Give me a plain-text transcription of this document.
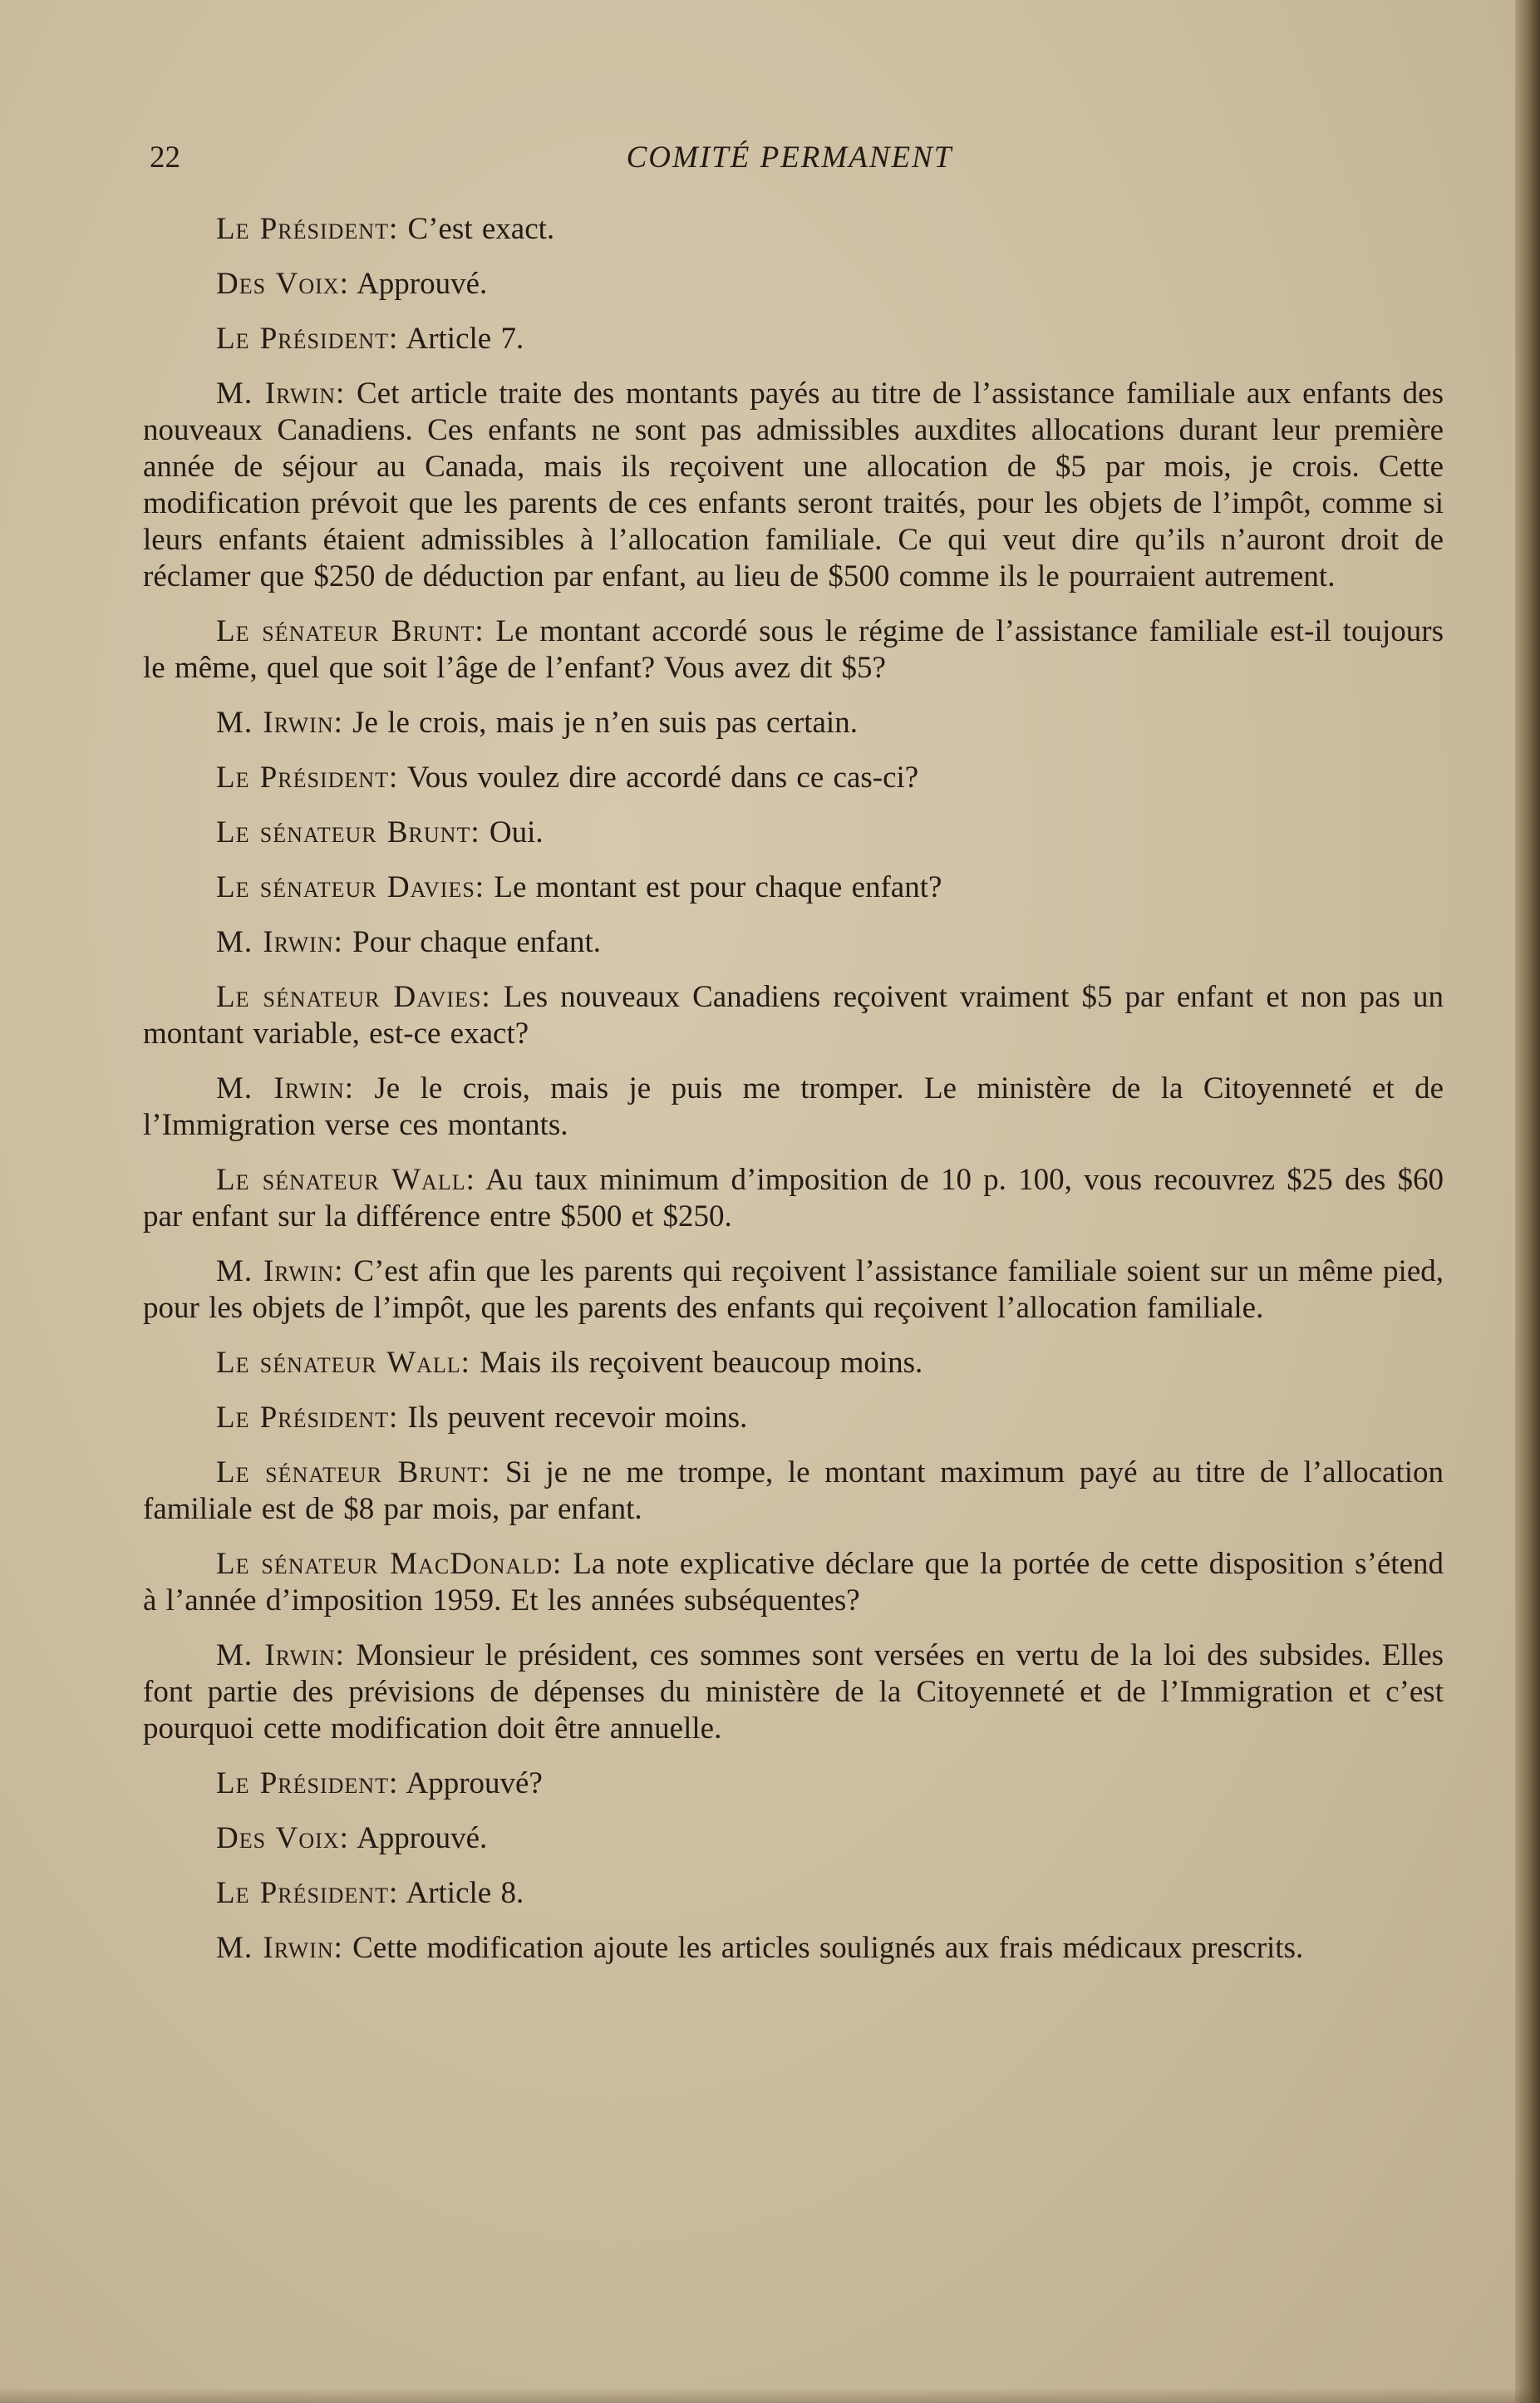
22	COMITÉ PERMANENT

Le Président: C’est exact.

Des Voix: Approuvé.

Le Président: Article 7.

M. Irwin: Cet article traite des montants payés au titre de l’assistance familiale aux enfants des nouveaux Canadiens. Ces enfants ne sont pas admissibles auxdites allocations durant leur première année de séjour au Canada, mais ils reçoivent une allocation de $5 par mois, je crois. Cette modification prévoit que les parents de ces enfants seront traités, pour les objets de l’impôt, comme si leurs enfants étaient admissibles à l’allocation familiale. Ce qui veut dire qu’ils n’auront droit de réclamer que $250 de déduction par enfant, au lieu de $500 comme ils le pourraient autrement.

Le sénateur Brunt: Le montant accordé sous le régime de l’assistance familiale est-il toujours le même, quel que soit l’âge de l’enfant? Vous avez dit $5?

M. Irwin: Je le crois, mais je n’en suis pas certain.

Le Président: Vous voulez dire accordé dans ce cas-ci?

Le sénateur Brunt: Oui.

Le sénateur Davies: Le montant est pour chaque enfant?

M. Irwin: Pour chaque enfant.

Le sénateur Davies: Les nouveaux Canadiens reçoivent vraiment $5 par enfant et non pas un montant variable, est-ce exact?

M. Irwin: Je le crois, mais je puis me tromper. Le ministère de la Citoyenneté et de l’Immigration verse ces montants.

Le sénateur Wall: Au taux minimum d’imposition de 10 p. 100, vous recouvrez $25 des $60 par enfant sur la différence entre $500 et $250.

M. Irwin: C’est afin que les parents qui reçoivent l’assistance familiale soient sur un même pied, pour les objets de l’impôt, que les parents des enfants qui reçoivent l’allocation familiale.

Le sénateur Wall: Mais ils reçoivent beaucoup moins.

Le Président: Ils peuvent recevoir moins.

Le sénateur Brunt: Si je ne me trompe, le montant maximum payé au titre de l’allocation familiale est de $8 par mois, par enfant.

Le sénateur MacDonald: La note explicative déclare que la portée de cette disposition s’étend à l’année d’imposition 1959. Et les années subséquentes?

M. Irwin: Monsieur le président, ces sommes sont versées en vertu de la loi des subsides. Elles font partie des prévisions de dépenses du ministère de la Citoyenneté et de l’Immigration et c’est pourquoi cette modification doit être annuelle.

Le Président: Approuvé?

Des Voix: Approuvé.

Le Président: Article 8.

M. Irwin: Cette modification ajoute les articles soulignés aux frais médicaux prescrits.
